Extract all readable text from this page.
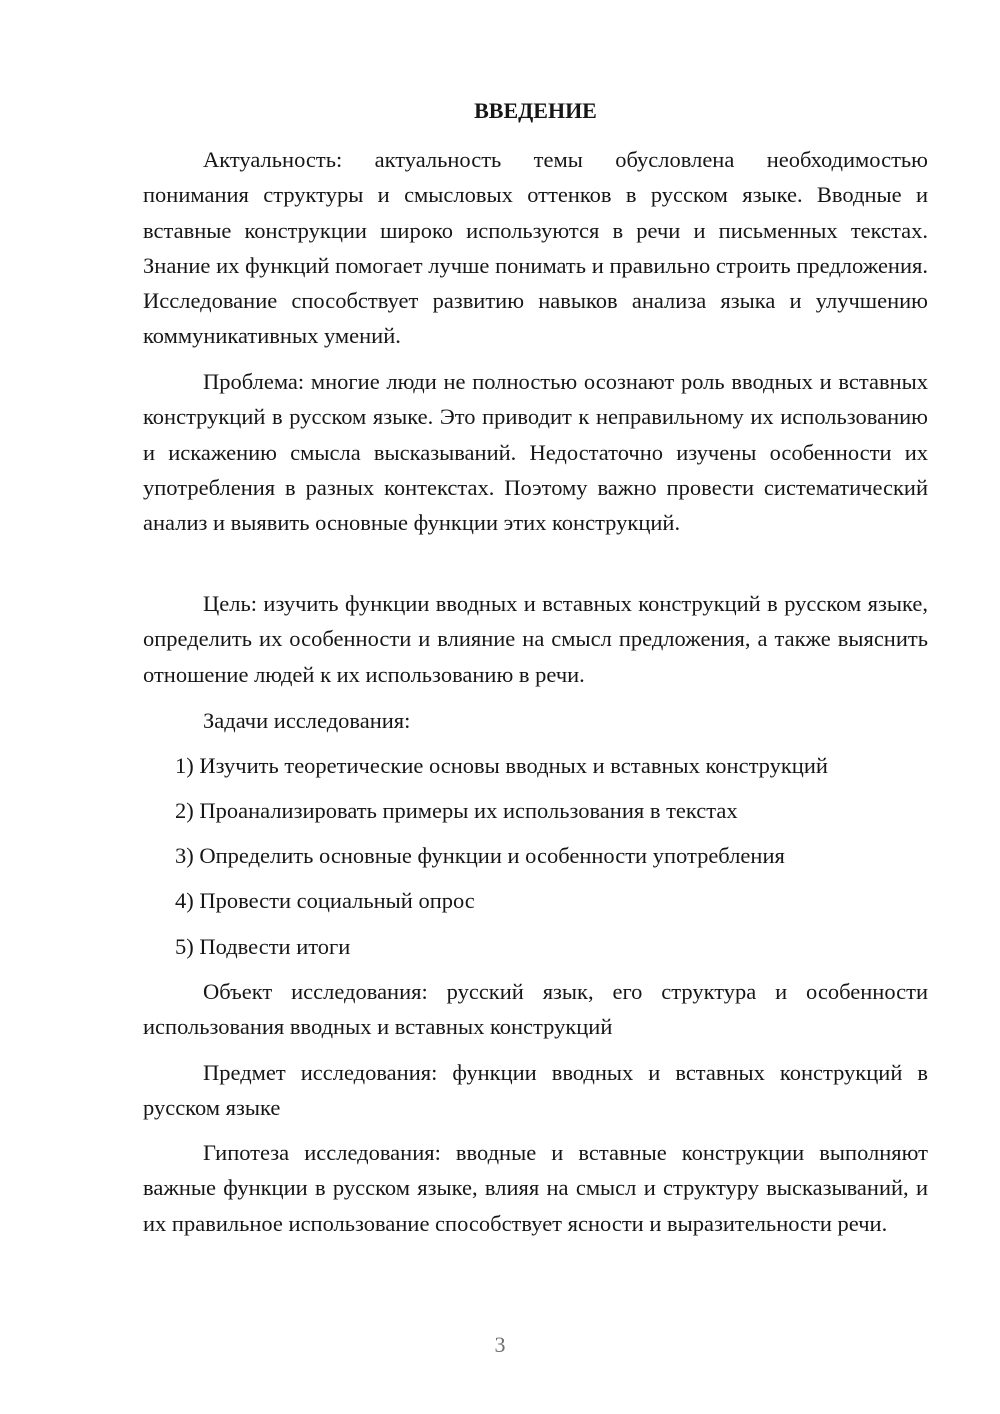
ВВЕДЕНИЕ

Актуальность: актуальность темы обусловлена необходимостью понимания структуры и смысловых оттенков в русском языке. Вводные и вставные конструкции широко используются в речи и письменных текстах. Знание их функций помогает лучше понимать и правильно строить предложения. Исследование способствует развитию навыков анализа языка и улучшению коммуникативных умений.

Проблема: многие люди не полностью осознают роль вводных и вставных конструкций в русском языке. Это приводит к неправильному их использованию и искажению смысла высказываний. Недостаточно изучены особенности их употребления в разных контекстах. Поэтому важно провести систематический анализ и выявить основные функции этих конструкций.

Цель: изучить функции вводных и вставных конструкций в русском языке, определить их особенности и влияние на смысл предложения, а также выяснить отношение людей к их использованию в речи.

Задачи исследования:

1) Изучить теоретические основы вводных и вставных конструкций

2) Проанализировать примеры их использования в текстах

3) Определить основные функции и особенности употребления

4) Провести социальный опрос

5) Подвести итоги

Объект исследования: русский язык, его структура и особенности использования вводных и вставных конструкций

Предмет исследования: функции вводных и вставных конструкций в русском языке

Гипотеза исследования: вводные и вставные конструкции выполняют важные функции в русском языке, влияя на смысл и структуру высказываний, и их правильное использование способствует ясности и выразительности речи.

3
